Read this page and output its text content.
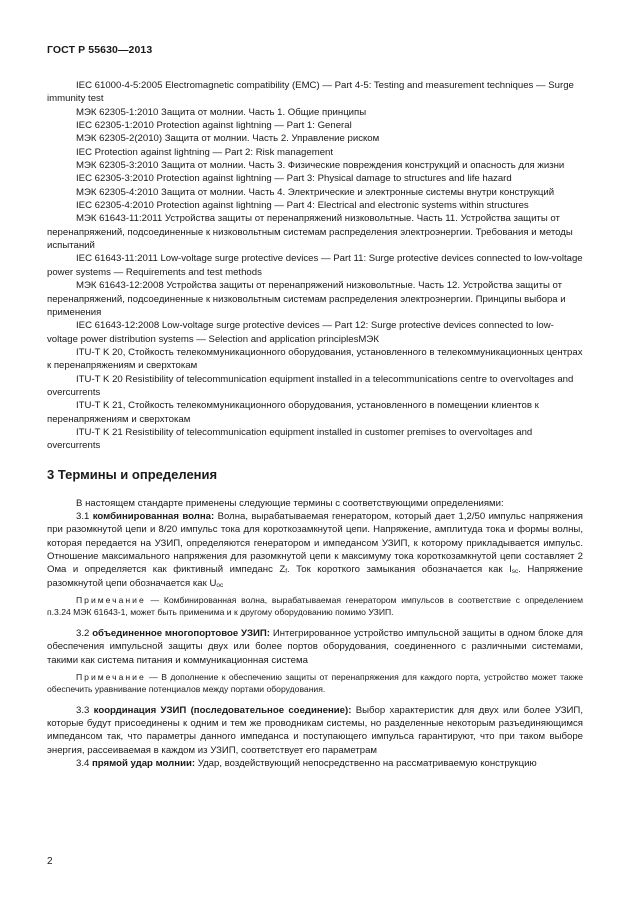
ГОСТ Р 55630—2013

IEC 61000-4-5:2005 Electromagnetic compatibility (EMC) — Part 4-5: Testing and measurement techniques — Surge immunity test

МЭК 62305-1:2010 Защита от молнии. Часть 1. Общие принципы

IEC 62305-1:2010 Protection against lightning — Part 1: General

МЭК 62305-2(2010) Защита от молнии. Часть 2. Управление риском

IEC Protection against lightning — Part 2: Risk management

МЭК 62305-3:2010 Защита от молнии. Часть 3. Физические повреждения конструкций и опасность для жизни

IEC 62305-3:2010 Protection against lightning — Part 3: Physical damage to structures and life hazard

МЭК 62305-4:2010 Защита от молнии. Часть 4. Электрические и электронные системы внутри конструкций

IEC 62305-4:2010 Protection against lightning — Part 4: Electrical and electronic systems within structures

МЭК 61643-11:2011 Устройства защиты от перенапряжений низковольтные. Часть 11. Устройства защиты от перенапряжений, подсоединенные к низковольтным системам распределения электроэнергии. Требования и методы испытаний

IEC 61643-11:2011 Low-voltage surge protective devices — Part 11: Surge protective devices connected to low-voltage power systems — Requirements and test methods

МЭК 61643-12:2008 Устройства защиты от перенапряжений низковольтные. Часть 12. Устройства защиты от перенапряжений, подсоединенные к низковольтным системам распределения электроэнергии. Принципы выбора и применения

IEC 61643-12:2008 Low-voltage surge protective devices — Part 12: Surge protective devices connected to low-voltage power distribution systems — Selection and application principlesМЭК

ITU-T K 20, Стойкость телекоммуникационного оборудования, установленного в телекоммуникационных центрах к перенапряжениям и сверхтокам

ITU-T K 20 Resistibility of telecommunication equipment installed in a telecommunications centre to overvoltages and overcurrents

ITU-T K 21, Стойкость телекоммуникационного оборудования, установленного в помещении клиентов к перенапряжениям и сверхтокам

ITU-T K 21 Resistibility of telecommunication equipment installed in customer premises to overvoltages and overcurrents

3 Термины и определения

В настоящем стандарте применены следующие термины с соответствующими определениями:

3.1 комбинированная волна: Волна, вырабатываемая генератором, который дает 1,2/50 импульс напряжения при разомкнутой цепи и 8/20 импульс тока для короткозамкнутой цепи. Напряжение, амплитуда тока и формы волны, которая передается на УЗИП, определяются генератором и импедансом УЗИП, к которому прикладывается импульс. Отношение максимального напряжения для разомкнутой цепи к максимуму тока короткозамкнутой цепи составляет 2 Ома и определяется как фиктивный импеданс $Z_f$. Ток короткого замыкания обозначается как $I_{sc}$. Напряжение разомкнутой цепи обозначается как $U_{oc}$

Примечание — Комбинированная волна, вырабатываемая генератором импульсов в соответствие с определением п.3.24 МЭК 61643-1, может быть применима и к другому оборудованию помимо УЗИП.

3.2 объединенное многопортовое УЗИП: Интегрированное устройство импульсной защиты в одном блоке для обеспечения импульсной защиты двух или более портов оборудования, соединенного с различными системами, такими как система питания и коммуникационная система

Примечание — В дополнение к обеспечению защиты от перенапряжения для каждого порта, устройство может также обеспечить уравнивание потенциалов между портами оборудования.

3.3 координация УЗИП (последовательное соединение): Выбор характеристик для двух или более УЗИП, которые будут присоединены к одним и тем же проводникам системы, но разделенные некоторым разъединяющимся импедансом так, что параметры данного импеданса и поступающего импульса гарантируют, что при таком выборе энергия, рассеиваемая в каждом из УЗИП, соответствует его параметрам

3.4 прямой удар молнии: Удар, воздействующий непосредственно на рассматриваемую конструкцию

2
